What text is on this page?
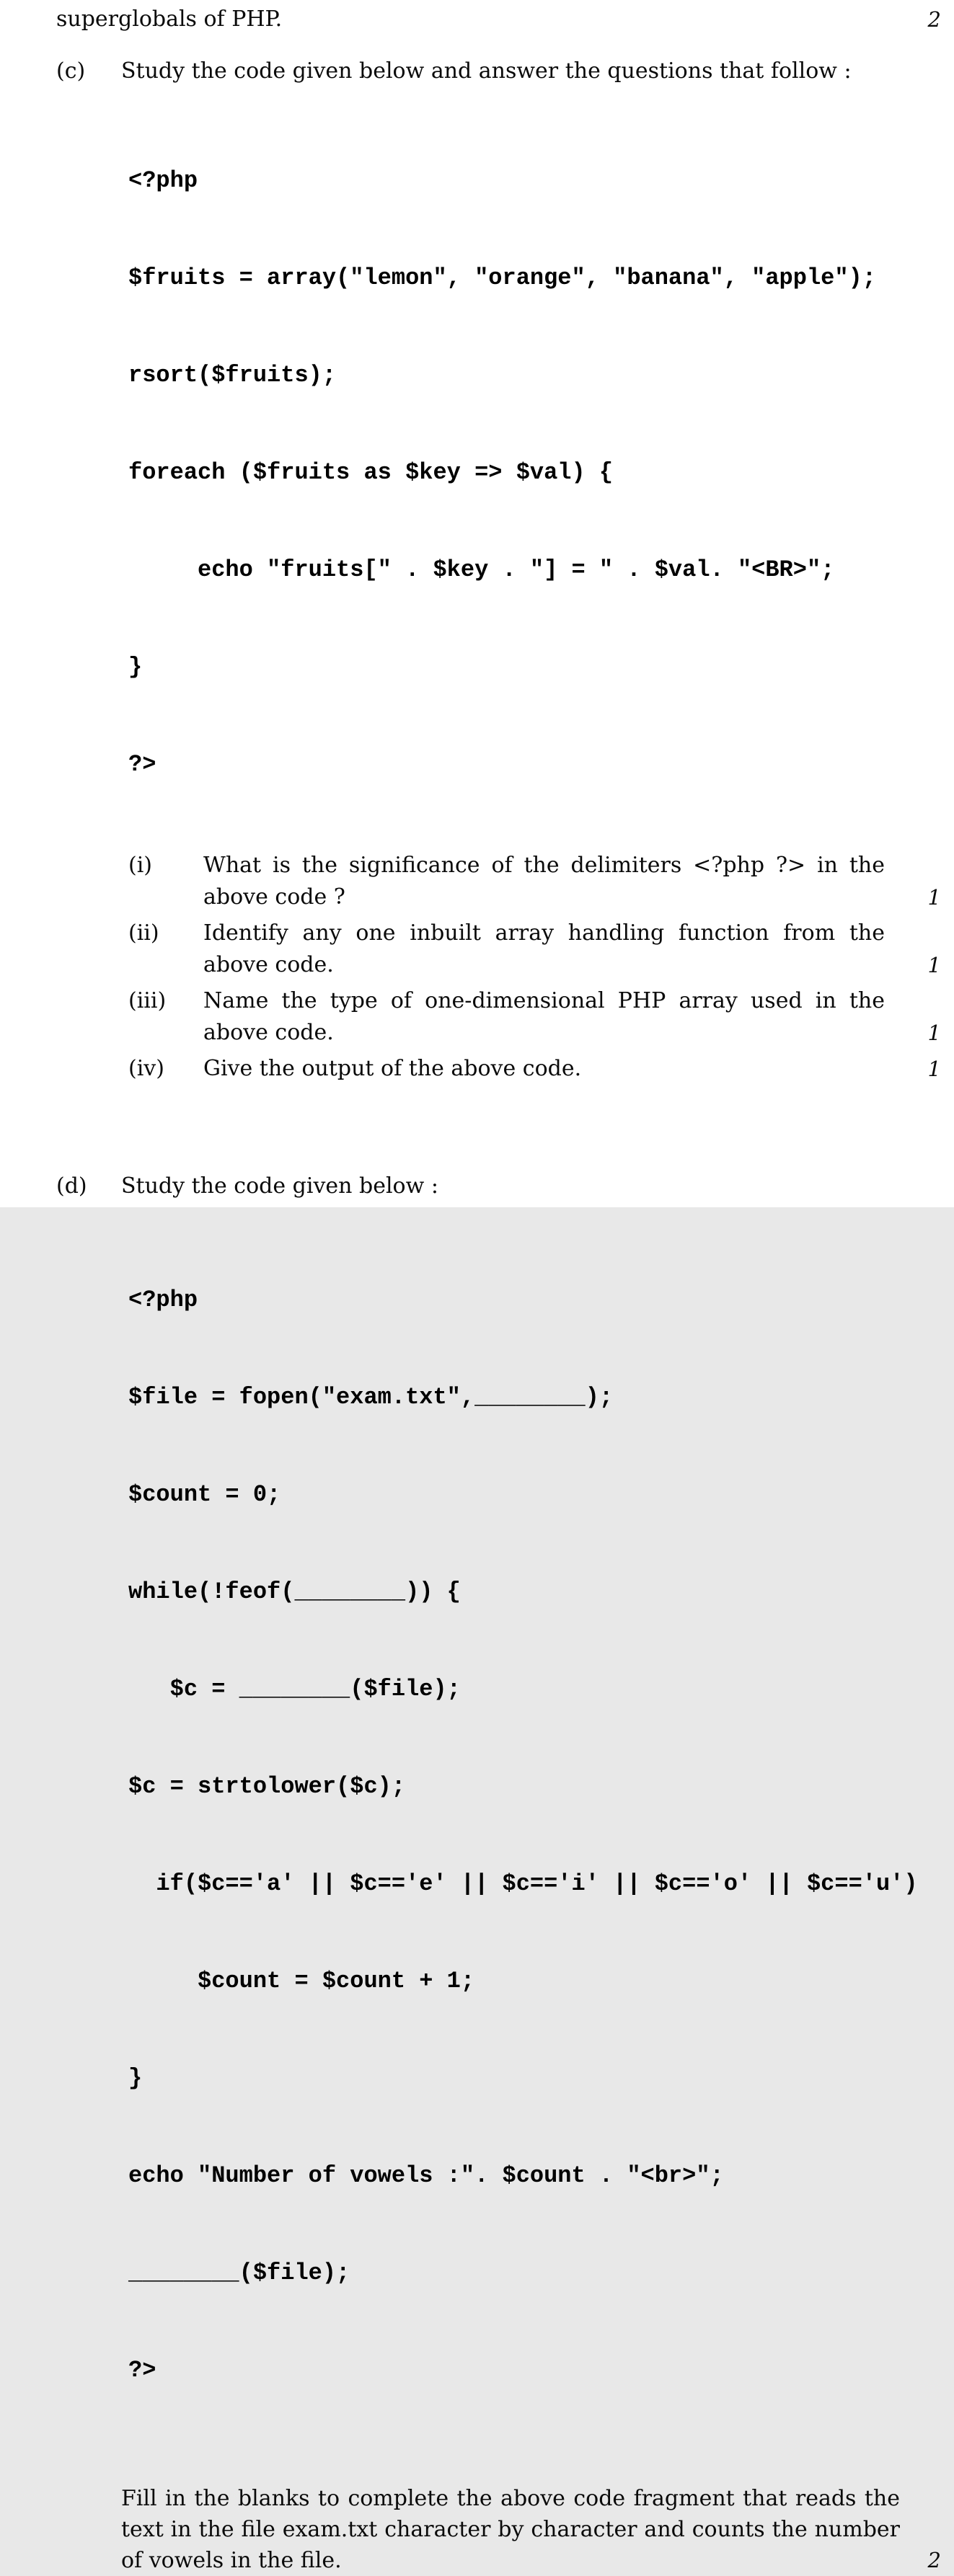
superglobals of PHP.	2
(c)	Study the code given below and answer the questions that follow :

<?php

$fruits = array("lemon", "orange", "banana", "apple");

rsort($fruits);

foreach ($fruits as $key => $val) {

echo "fruits[" . $key . "] = " . $val. "<BR>";

}

?>

(i)	What is the significance of the delimiters <?php ?> in the above code ?	1
(ii)	Identify any one inbuilt array handling function from the above code.	1
(iii)	Name the type of one-dimensional PHP array used in the above code.	1
(iv)	Give the output of the above code.	1
(d)	Study the code given below :

<?php

$file = fopen("exam.txt",________);

$count = 0;

while(!feof(________)) {

$c = ________($file);

$c = strtolower($c);

if($c=='a' || $c=='e' || $c=='i' || $c=='o' || $c=='u')

$count = $count + 1;

}

echo "Number of vowels :". $count . "<br>";

________($file);

?>

Fill in the blanks to complete the above code fragment that reads the text in the file exam.txt character by character and counts the number of vowels in the file.	2
